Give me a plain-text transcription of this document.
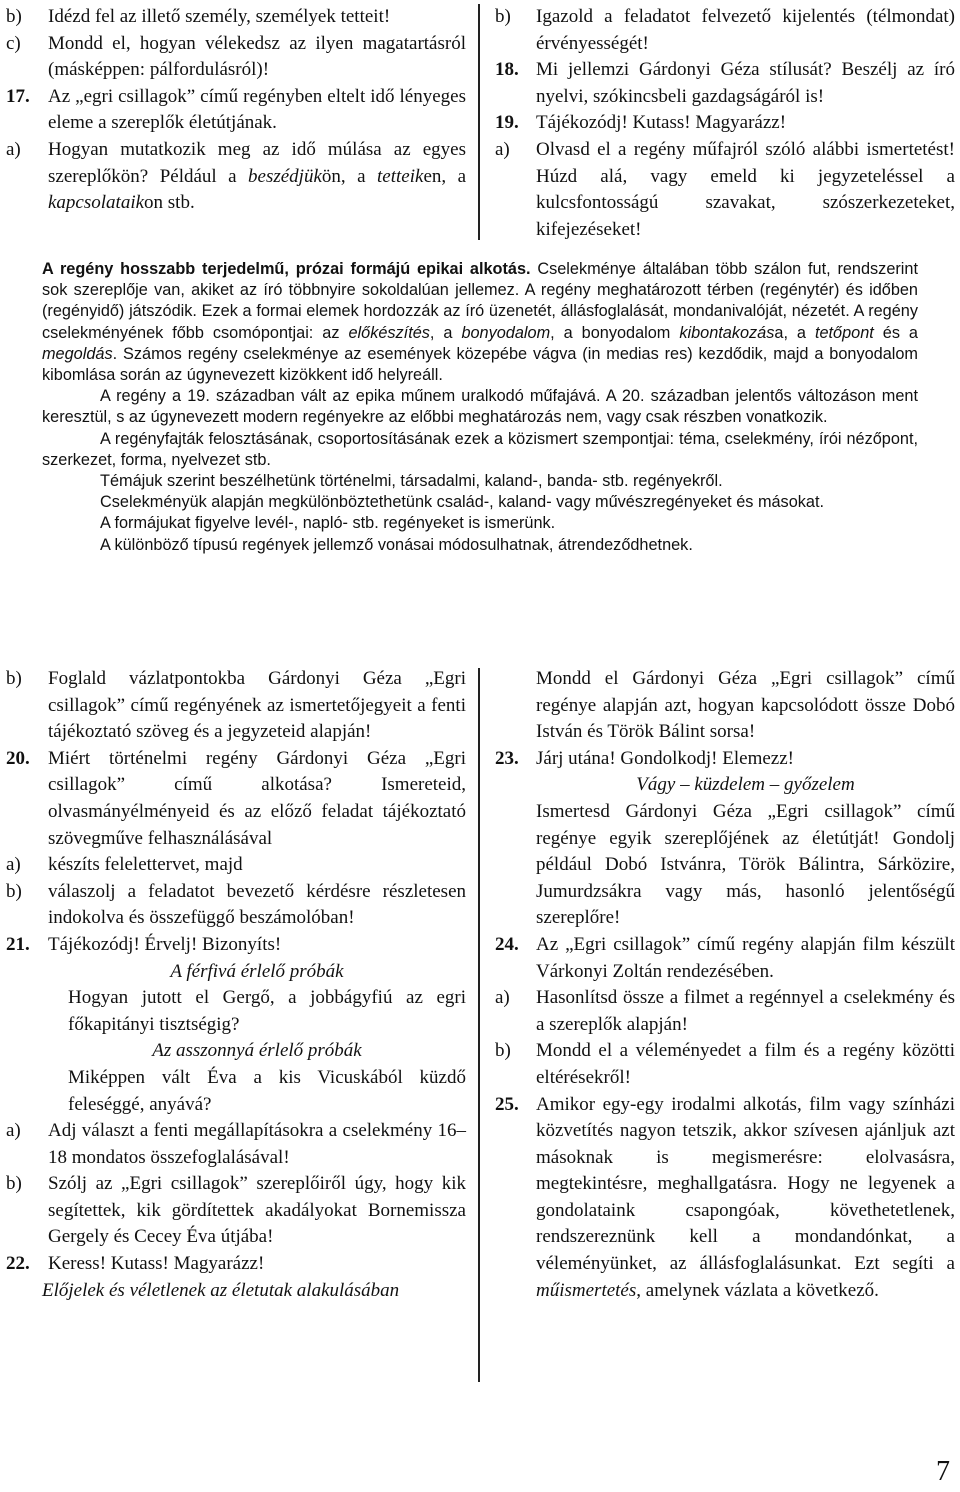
b)	Idézd fel az illető személy, személyek tetteit!
c)	Mondd el, hogyan vélekedsz az ilyen magatartásról (másképpen: pálfordulásról)!
17. Az „egri csillagok” című regényben eltelt idő lényeges eleme a szereplők életútjának.
a)	Hogyan mutatkozik meg az idő múlása az egyes szereplőkön? Például a beszédjükön, a tetteiken, a kapcsolataikon stb.
b)	Igazold a feladatot felvezető kijelentés (télmondat) érvényességét!
18. Mi jellemzi Gárdonyi Géza stílusát? Beszélj az író nyelvi, szókincsbeli gazdagságáról is!
19. Tájékozódj! Kutass! Magyarázz!
a)	Olvasd el a regény műfajról szóló alábbi ismertetést! Húzd alá, vagy emeld ki jegyzeteléssel a kulcsfontosságú szavakat, szószerkezeteket, kifejezéseket!

A regény hosszabb terjedelmű, prózai formájú epikai alkotás. Cselekménye általában több szálon fut, rendszerint sok szereplője van, akiket az író többnyire sokoldalúan jellemez. A regény meghatározott térben (regénytér) és időben (regényidő) játszódik. Ezek a formai elemek hordozzák az író üzenetét, állásfoglalását, mondanivalóját, nézetét. A regény cselekményének főbb csomópontjai: az előkészítés, a bonyodalom, a bonyodalom kibontakozása, a tetőpont és a megoldás. Számos regény cselekménye az események közepébe vágva (in medias res) kezdődik, majd a bonyodalom kibomlása során az úgynevezett kizökkent idő helyreáll.

A regény a 19. században vált az epika műnem uralkodó műfajává. A 20. században jelentős változáson ment keresztül, s az úgynevezett modern regényekre az előbbi meghatározás nem, vagy csak részben vonatkozik.

A regényfajták felosztásának, csoportosításának ezek a közismert szempontjai: téma, cselekmény, írói nézőpont, szerkezet, forma, nyelvezet stb.

Témájuk szerint beszélhetünk történelmi, társadalmi, kaland-, banda- stb. regényekről.

Cselekményük alapján megkülönböztethetünk család-, kaland- vagy művészregényeket és másokat.

A formájukat figyelve levél-, napló- stb. regényeket is ismerünk.

A különböző típusú regények jellemző vonásai módosulhatnak, átrendeződhetnek.

b)	Foglald vázlatpontokba Gárdonyi Géza „Egri csillagok” című regényének az ismertetőjegyeit a fenti tájékoztató szöveg és a jegyzeteid alapján!
20. Miért történelmi regény Gárdonyi Géza „Egri csillagok” című alkotása? Ismereteid, olvasmányélményeid és az előző feladat tájékoztató szövegművе felhasználásával
a)	készíts felelettervet, majd
b)	válaszolj a feladatot bevezető kérdésre részletesen indokolva és összefüggő beszámolóban!
21. Tájékozódj! Érvelj! Bizonyíts!
A férfivá érlelő próbák
Hogyan jutott el Gergő, a jobbágyfiú az egri főkapitányi tisztségig?
Az asszonnyá érlelő próbák
Miképpen vált Éva a kis Vicuskából küzdő feleséggé, anyává?
a)	Adj választ a fenti megállapításokra a cselekmény 16–18 mondatos összefoglalásával!
b)	Szólj az „Egri csillagok” szereplőiről úgy, hogy kik segítettek, kik gördítettek akadályokat Bornemissza Gergely és Cecey Éva útjába!
22. Keress! Kutass! Magyarázz!
Előjelek és véletlenek az életutak alakulásában
Mondd el Gárdonyi Géza „Egri csillagok” című regénye alapján azt, hogyan kapcsolódott össze Dobó István és Török Bálint sorsa!
23. Járj utána! Gondolkodj! Elemezz!
Vágy – küzdelem – győzelem
Ismertesd Gárdonyi Géza „Egri csillagok” című regénye egyik szereplőjének az életútját! Gondolj például Dobó Istvánra, Török Bálintra, Sárközire, Jumurdzsákra vagy más, hasonló jelentőségű szereplőre!
24. Az „Egri csillagok” című regény alapján film készült Várkonyi Zoltán rendezésében.
a)	Hasonlítsd össze a filmet a regénnyel a cselekmény és a szereplők alapján!
b)	Mondd el a véleményedet a film és a regény közötti eltérésekről!
25. Amikor egy-egy irodalmi alkotás, film vagy színházi közvetítés nagyon tetszik, akkor szívesen ajánljuk azt másoknak is megismerésre: elolvasásra, megtekintésre, meghallgatásra. Hogy ne legyenek a gondolataink csapongóak, követhetetlenek, rendszereznünk kell a mondandónkat, a véleményünket, az állásfoglalásunkat. Ezt segíti a műismertetés, amelynek vázlata a következő.
7
